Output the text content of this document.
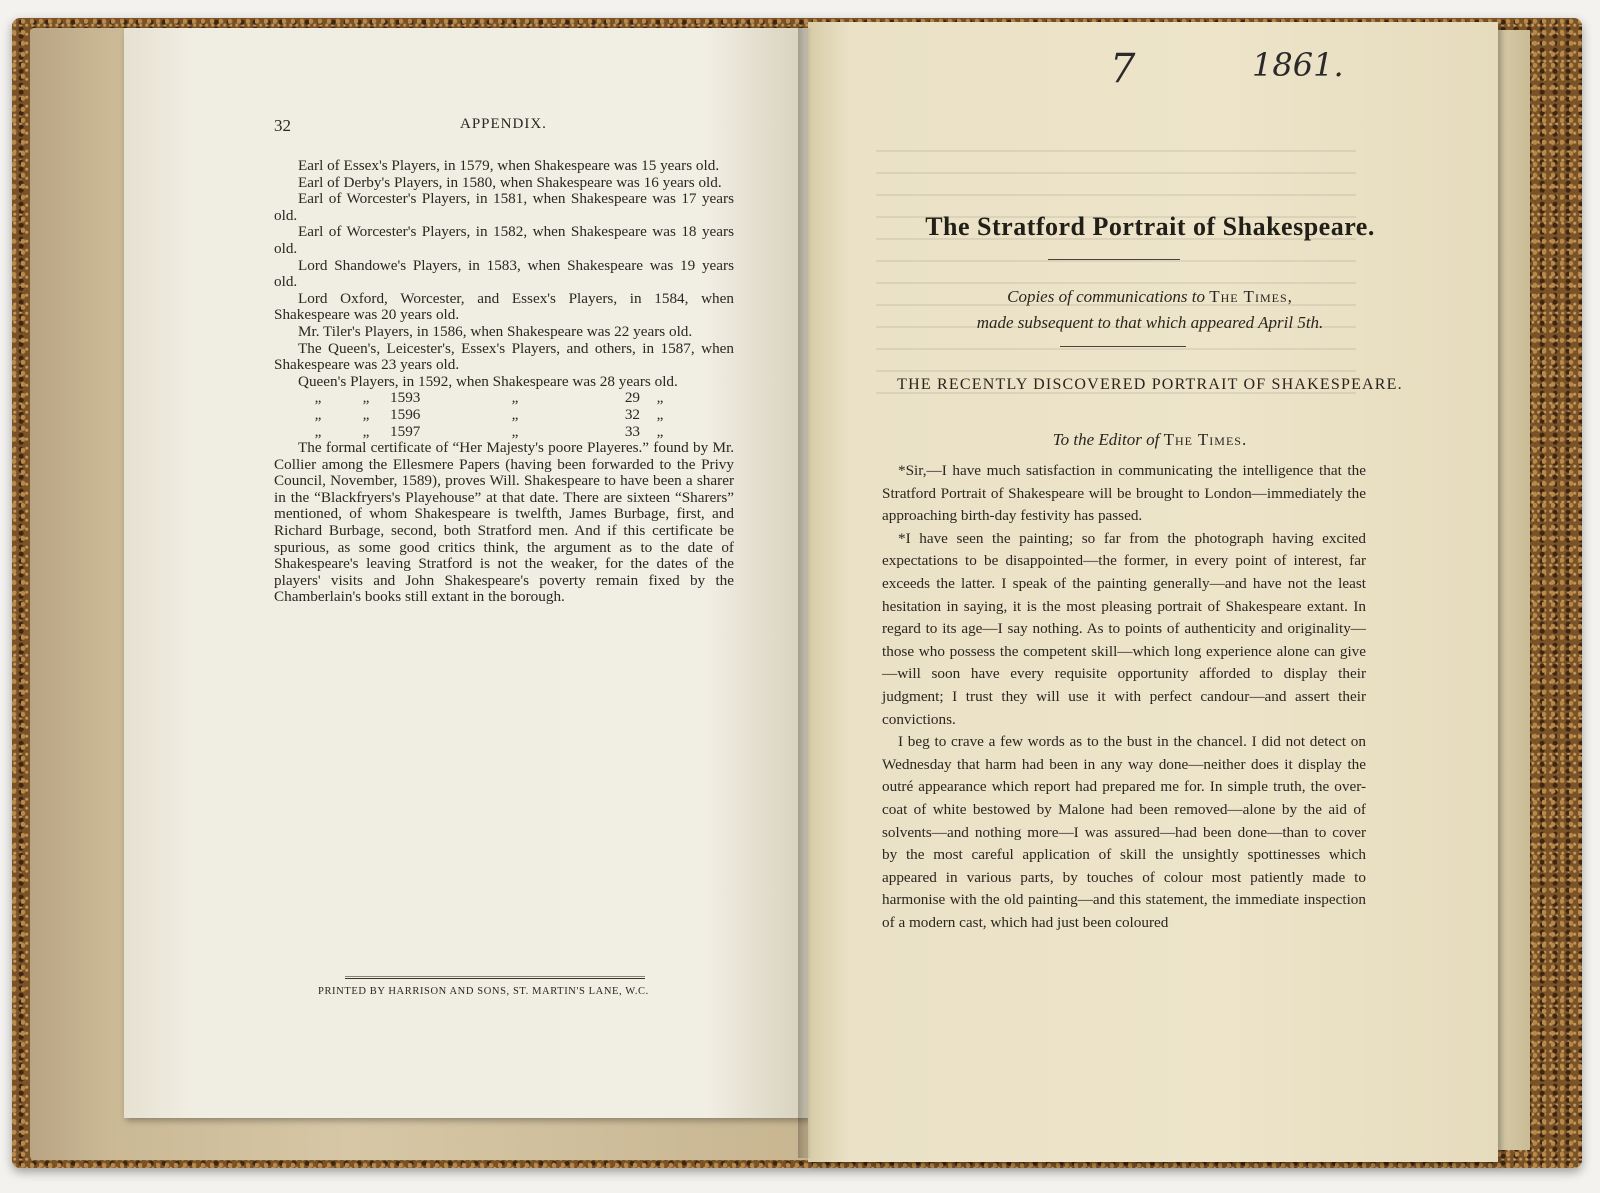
32	APPENDIX.

Earl of Essex's Players, in 1579, when Shakespeare was 15 years old.

Earl of Derby's Players, in 1580, when Shakespeare was 16 years old.

Earl of Worcester's Players, in 1581, when Shakespeare was 17 years old.

Earl of Worcester's Players, in 1582, when Shakespeare was 18 years old.

Lord Shandowe's Players, in 1583, when Shakespeare was 19 years old.

Lord Oxford, Worcester, and Essex's Players, in 1584, when Shakespeare was 20 years old.

Mr. Tiler's Players, in 1586, when Shakespeare was 22 years old.

The Queen's, Leicester's, Essex's Players, and others, in 1587, when Shakespeare was 23 years old.

Queen's Players, in 1592, when Shakespeare was 28 years old.

„	„	1593	„	29	„
„	„	1596	„	32	„
„	„	1597	„	33	„

The formal certificate of “Her Majesty's poore Playeres.” found by Mr. Collier among the Ellesmere Papers (having been forwarded to the Privy Council, November, 1589), proves Will. Shakespeare to have been a sharer in the “Blackfryers's Playehouse” at that date. There are sixteen “Sharers” mentioned, of whom Shakespeare is twelfth, James Burbage, first, and Richard Burbage, second, both Stratford men. And if this certificate be spurious, as some good critics think, the argument as to the date of Shakespeare's leaving Stratford is not the weaker, for the dates of the players' visits and John Shakespeare's poverty remain fixed by the Chamberlain's books still extant in the borough.

PRINTED BY HARRISON AND SONS, ST. MARTIN'S LANE, W.C.
7	1861.
The Stratford Portrait of Shakespeare.
Copies of communications to The Times,
made subsequent to that which appeared April 5th.
THE RECENTLY DISCOVERED PORTRAIT OF SHAKESPEARE.
To the Editor of The Times.

*Sir,—I have much satisfaction in communicating the intelligence that the Stratford Portrait of Shakespeare will be brought to London—immediately the approaching birth-day festivity has passed.

*I have seen the painting; so far from the photograph having excited expectations to be disappointed—the former, in every point of interest, far exceeds the latter. I speak of the painting generally—and have not the least hesitation in saying, it is the most pleasing portrait of Shakespeare extant. In regard to its age—I say nothing. As to points of authenticity and originality—those who possess the competent skill—which long experience alone can give—will soon have every requisite opportunity afforded to display their judgment; I trust they will use it with perfect candour—and assert their convictions.

I beg to crave a few words as to the bust in the chancel. I did not detect on Wednesday that harm had been in any way done—neither does it display the outré appearance which report had prepared me for. In simple truth, the over-coat of white bestowed by Malone had been removed—alone by the aid of solvents—and nothing more—I was assured—had been done—than to cover by the most careful application of skill the unsightly spottinesses which appeared in various parts, by touches of colour most patiently made to harmonise with the old painting—and this statement, the immediate inspection of a modern cast, which had just been coloured
